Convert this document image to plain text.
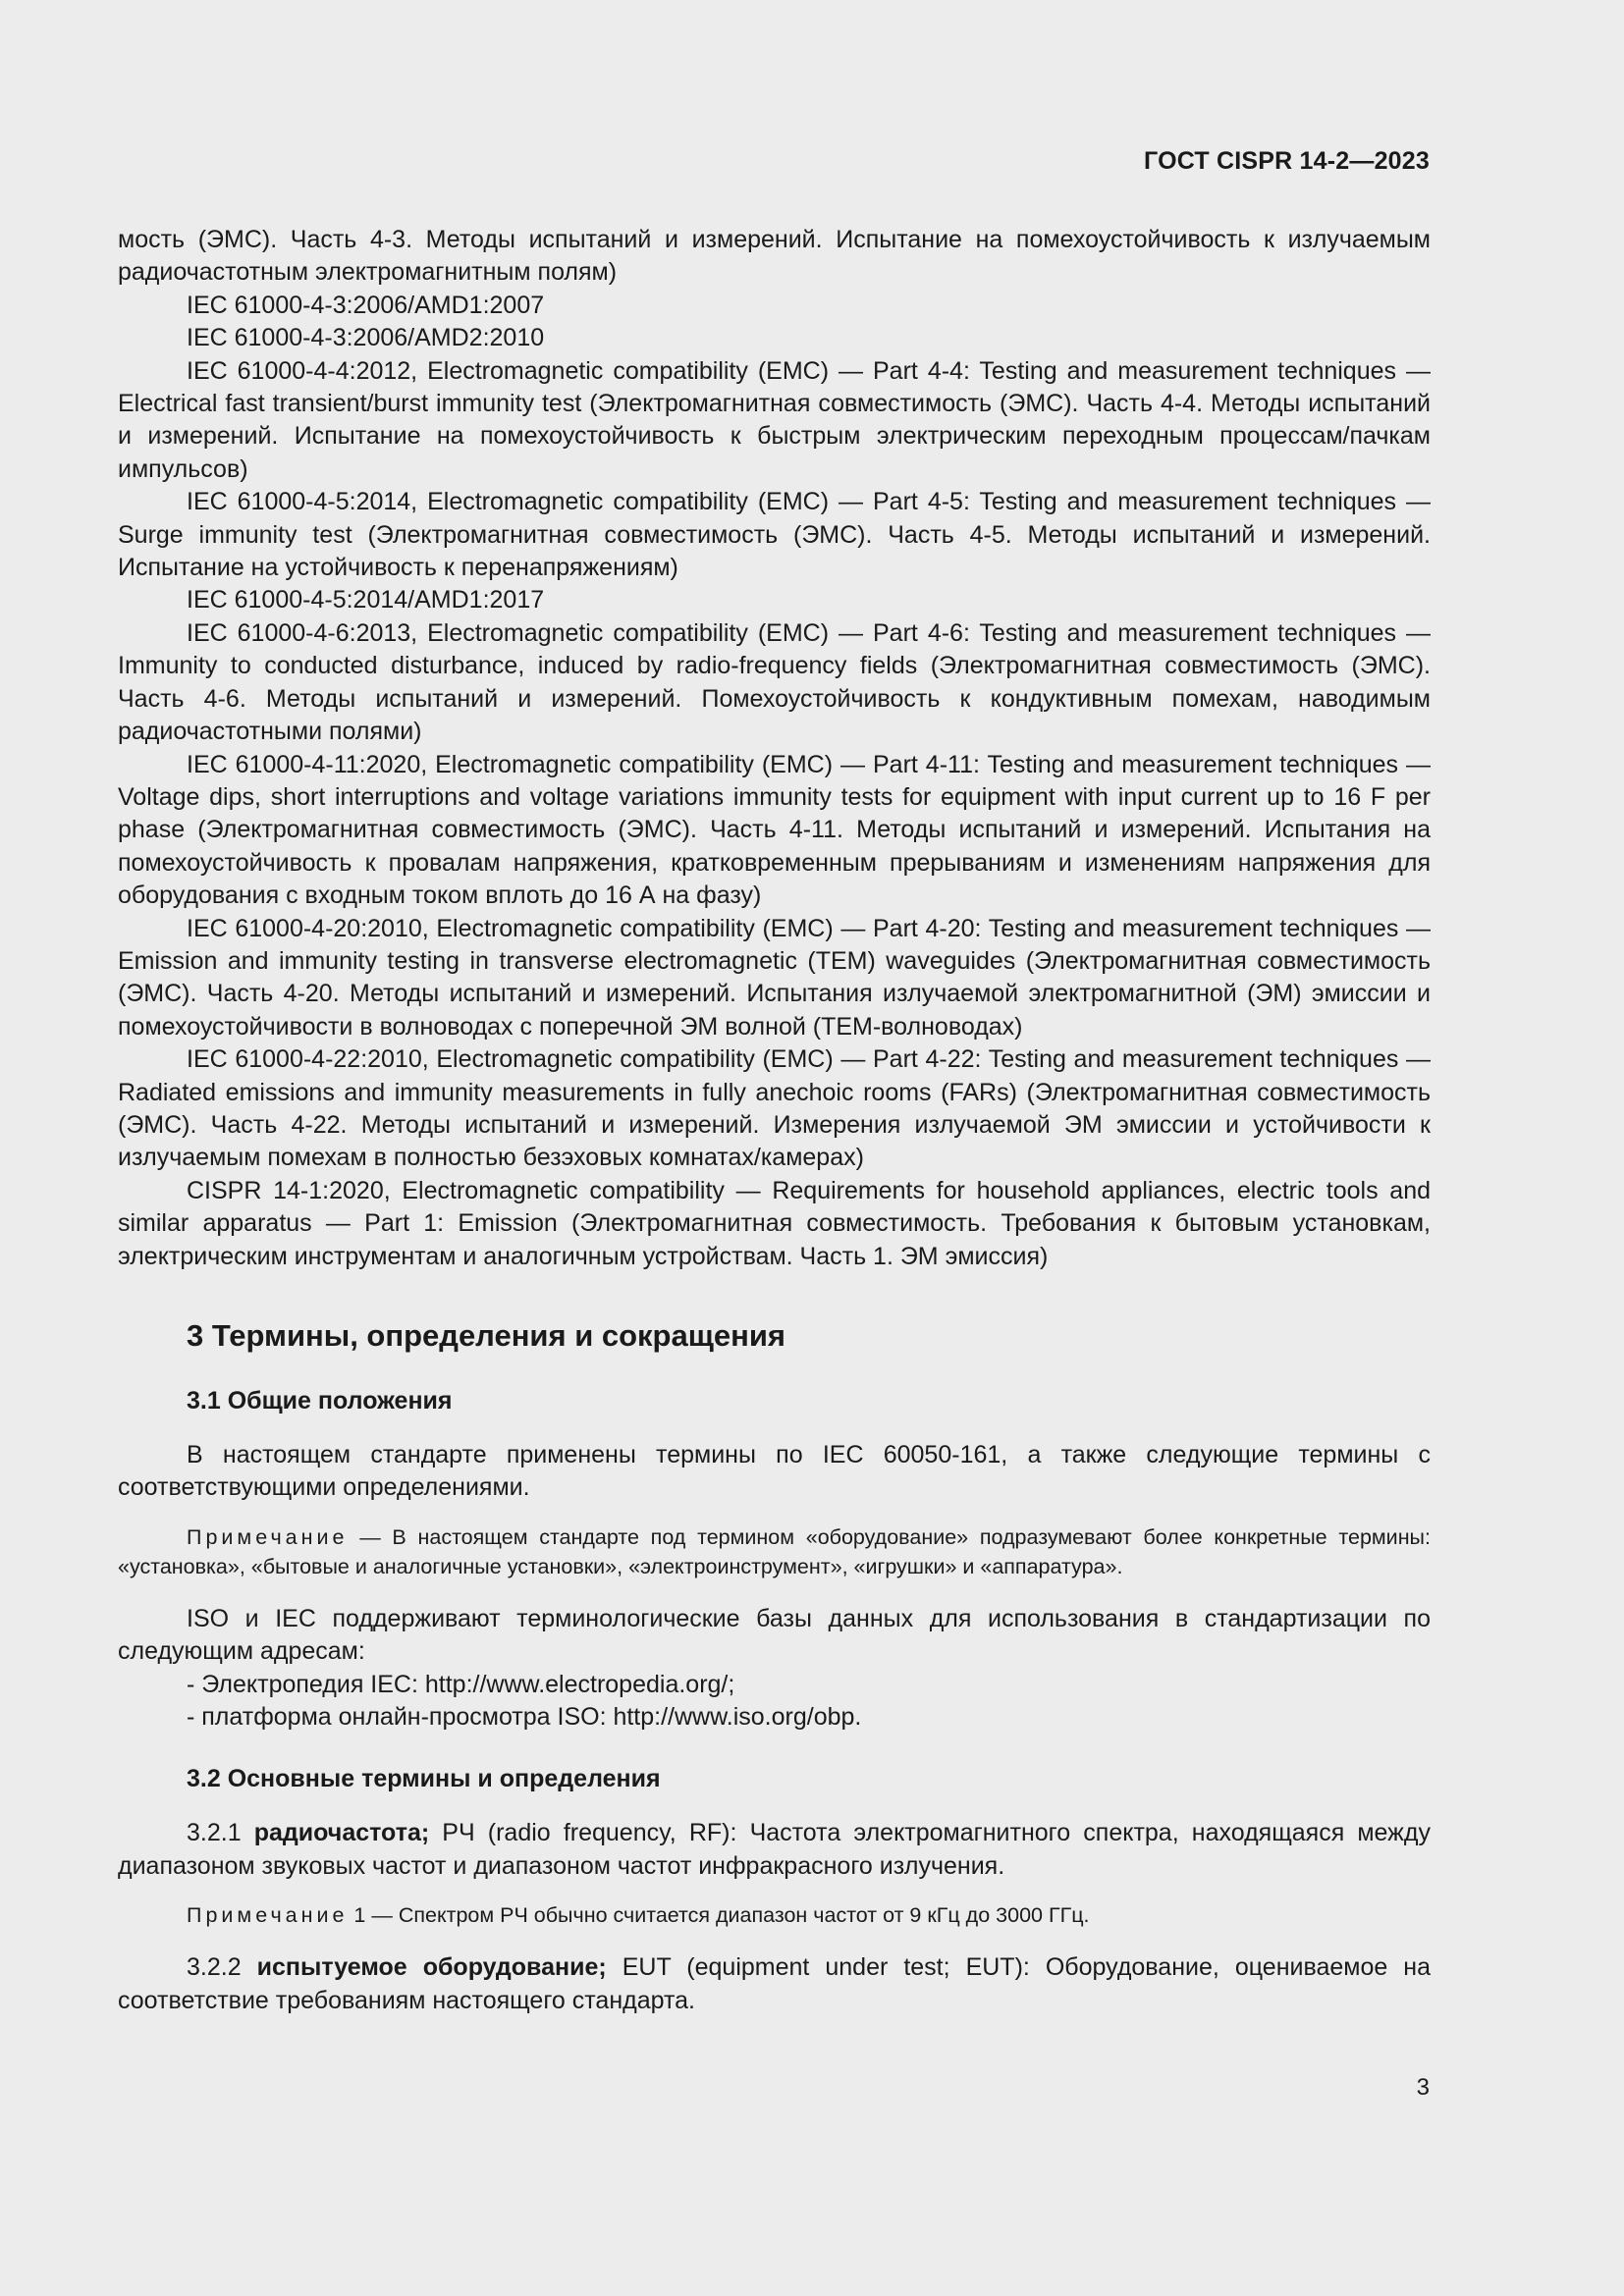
ГОСТ CISPR 14-2—2023

мость (ЭМС). Часть 4-3. Методы испытаний и измерений. Испытание на помехоустойчивость к излучаемым радиочастотным электромагнитным полям)

IEC 61000-4-3:2006/AMD1:2007

IEC 61000-4-3:2006/AMD2:2010

IEC 61000-4-4:2012, Electromagnetic compatibility (EMC) — Part 4-4: Testing and measurement techniques — Electrical fast transient/burst immunity test (Электромагнитная совместимость (ЭМС). Часть 4-4. Методы испытаний и измерений. Испытание на помехоустойчивость к быстрым электрическим переходным процессам/пачкам импульсов)

IEC 61000-4-5:2014, Electromagnetic compatibility (EMC) — Part 4-5: Testing and measurement techniques — Surge immunity test (Электромагнитная совместимость (ЭМС). Часть 4-5. Методы испытаний и измерений. Испытание на устойчивость к перенапряжениям)

IEC 61000-4-5:2014/AMD1:2017

IEC 61000-4-6:2013, Electromagnetic compatibility (EMC) — Part 4-6: Testing and measurement techniques — Immunity to conducted disturbance, induced by radio-frequency fields (Электромагнитная совместимость (ЭМС). Часть 4-6. Методы испытаний и измерений. Помехоустойчивость к кондуктивным помехам, наводимым радиочастотными полями)

IEC 61000-4-11:2020, Electromagnetic compatibility (EMC) — Part 4-11: Testing and measurement techniques — Voltage dips, short interruptions and voltage variations immunity tests for equipment with input current up to 16 F per phase (Электромагнитная совместимость (ЭМС). Часть 4-11. Методы испытаний и измерений. Испытания на помехоустойчивость к провалам напряжения, кратковременным прерываниям и изменениям напряжения для оборудования с входным током вплоть до 16 А на фазу)

IEC 61000-4-20:2010, Electromagnetic compatibility (EMC) — Part 4-20: Testing and measurement techniques — Emission and immunity testing in transverse electromagnetic (TEM) waveguides (Электромагнитная совместимость (ЭМС). Часть 4-20. Методы испытаний и измерений. Испытания излучаемой электромагнитной (ЭМ) эмиссии и помехоустойчивости в волноводах с поперечной ЭМ волной (ТЕМ-волноводах)

IEC 61000-4-22:2010, Electromagnetic compatibility (EMC) — Part 4-22: Testing and measurement techniques — Radiated emissions and immunity measurements in fully anechoic rooms (FARs) (Электромагнитная совместимость (ЭМС). Часть 4-22. Методы испытаний и измерений. Измерения излучаемой ЭМ эмиссии и устойчивости к излучаемым помехам в полностью безэховых комнатах/камерах)

CISPR 14-1:2020, Electromagnetic compatibility — Requirements for household appliances, electric tools and similar apparatus — Part 1: Emission (Электромагнитная совместимость. Требования к бытовым установкам, электрическим инструментам и аналогичным устройствам. Часть 1. ЭМ эмиссия)

3 Термины, определения и сокращения
3.1 Общие положения

В настоящем стандарте применены термины по IEC 60050-161, а также следующие термины с соответствующими определениями.

Примечание — В настоящем стандарте под термином «оборудование» подразумевают более конкретные термины: «установка», «бытовые и аналогичные установки», «электроинструмент», «игрушки» и «аппаратура».

ISO и IEC поддерживают терминологические базы данных для использования в стандартизации по следующим адресам:

- Электропедия IEC: http://www.electropedia.org/;
- платформа онлайн-просмотра ISO: http://www.iso.org/obp.
3.2 Основные термины и определения

3.2.1 радиочастота; РЧ (radio frequency, RF): Частота электромагнитного спектра, находящаяся между диапазоном звуковых частот и диапазоном частот инфракрасного излучения.

Примечание 1 — Спектром РЧ обычно считается диапазон частот от 9 кГц до 3000 ГГц.

3.2.2 испытуемое оборудование; EUT (equipment under test; EUT): Оборудование, оцениваемое на соответствие требованиям настоящего стандарта.

3
